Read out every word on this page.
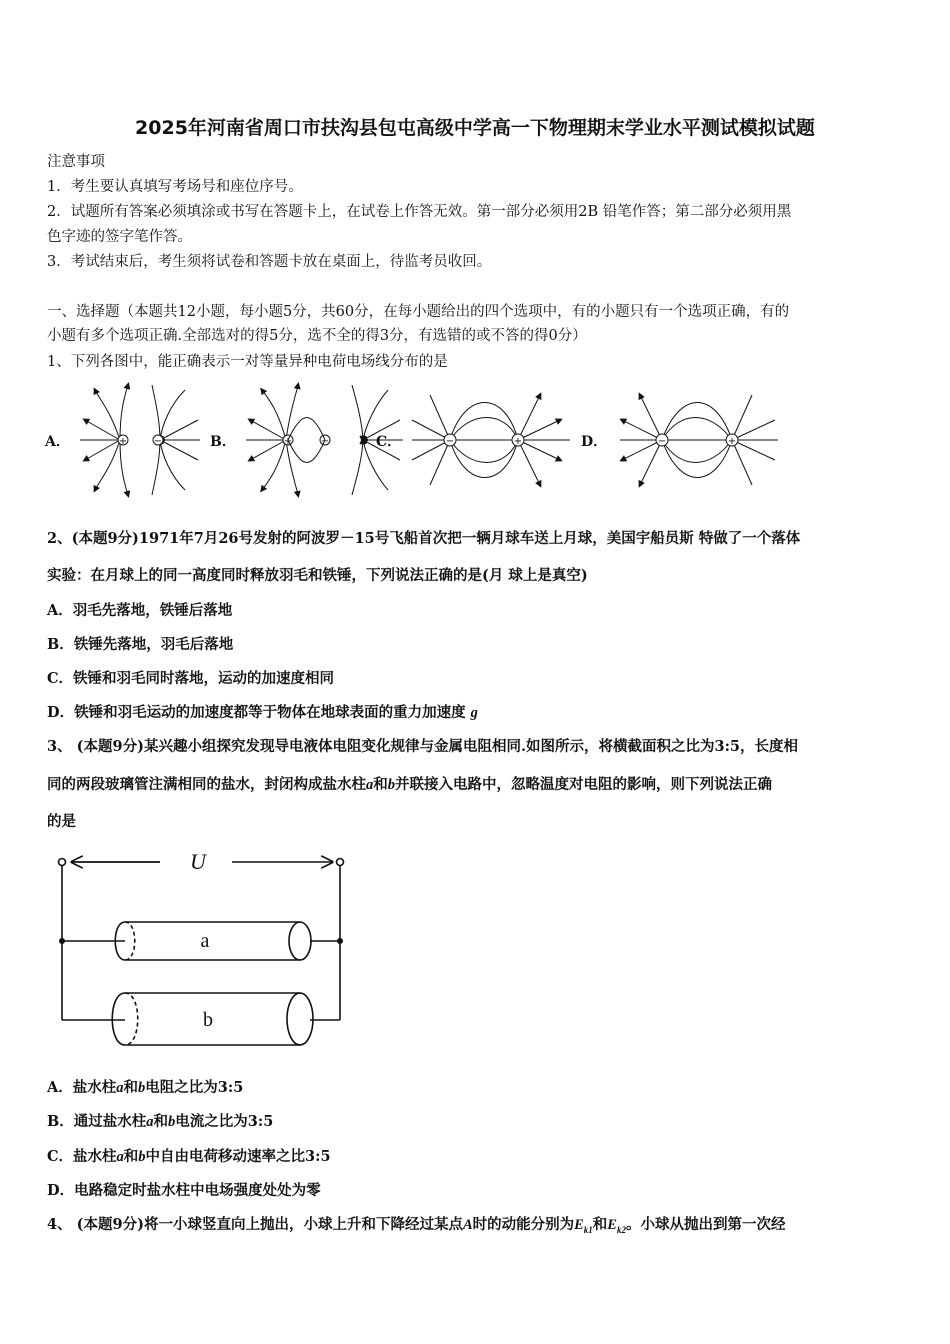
2025年河南省周口市扶沟县包屯高级中学高一下物理期末学业水平测试模拟试题
注意事项
1．考生要认真填写考场号和座位序号。
2．试题所有答案必须填涂或书写在答题卡上，在试卷上作答无效。第一部分必须用2B 铅笔作答；第二部分必须用黑
色字迹的签字笔作答。
3．考试结束后，考生须将试卷和答题卡放在桌面上，待监考员收回。
一、选择题（本题共12小题，每小题5分，共60分，在每小题给出的四个选项中，有的小题只有一个选项正确，有的
小题有多个选项正确.全部选对的得5分，选不全的得3分，有选错的或不答的得0分）
1、下列各图中，能正确表示一对等量异种电荷电场线分布的是
+	−	+	−	−	+	−	+
A．	B．	C．	D．
2、(本题9分)1971年7月26号发射的阿波罗－15号飞船首次把一辆月球车送上月球，美国宇船员斯 特做了一个落体
实验：在月球上的同一高度同时释放羽毛和铁锤，下列说法正确的是(月 球上是真空)
A．羽毛先落地，铁锤后落地
B．铁锤先落地，羽毛后落地
C．铁锤和羽毛同时落地，运动的加速度相同
D．铁锤和羽毛运动的加速度都等于物体在地球表面的重力加速度 g
3、 (本题9分)某兴趣小组探究发现导电液体电阻变化规律与金属电阻相同.如图所示，将横截面积之比为3:5，长度相
同的两段玻璃管注满相同的盐水，封闭构成盐水柱a和b并联接入电路中，忽略温度对电阻的影响，则下列说法正确
的是
U
a
b
A．盐水柱a和b电阻之比为3:5
B．通过盐水柱a和b电流之比为3:5
C．盐水柱a和b中自由电荷移动速率之比3:5
D．电路稳定时盐水柱中电场强度处处为零
4、 (本题9分)将一小球竖直向上抛出，小球上升和下降经过某点A时的动能分别为$E_{k1}$和$E_{k2}$。小球从抛出到第一次经
